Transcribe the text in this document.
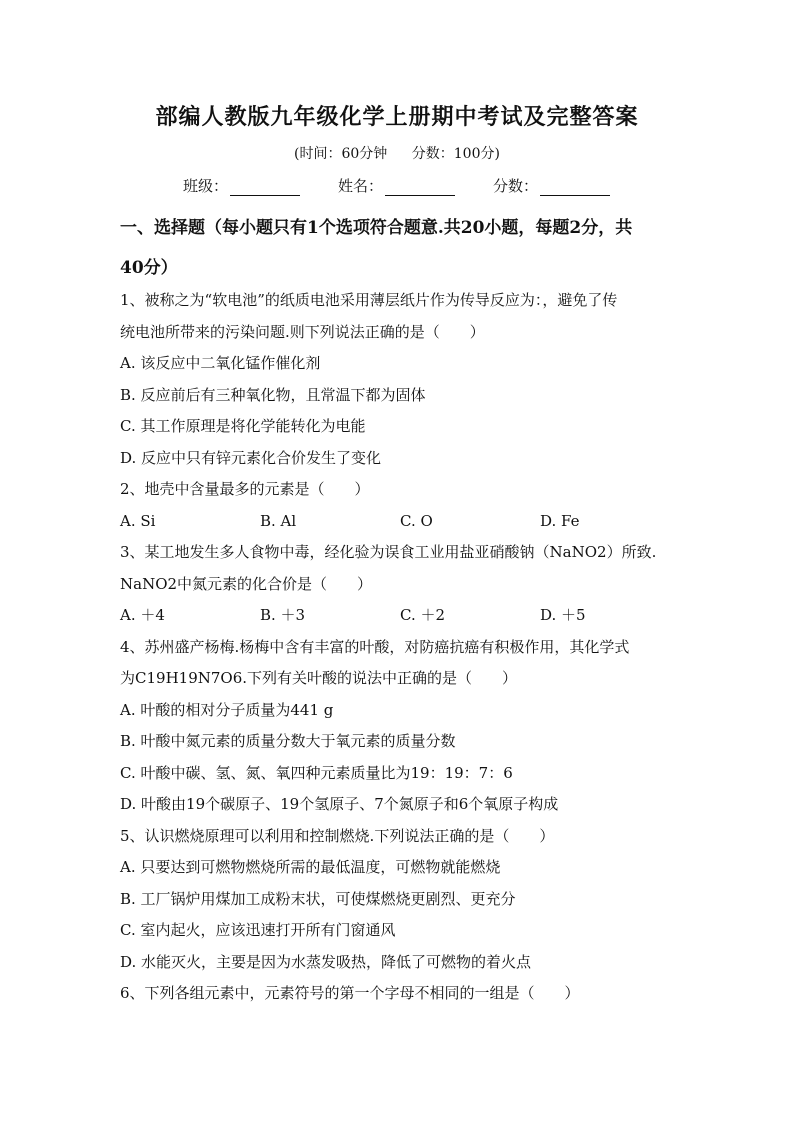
部编人教版九年级化学上册期中考试及完整答案
(时间：60分钟 分数：100分)
班级：	姓名：	分数：
一、选择题（每小题只有1个选项符合题意.共20小题，每题2分，共
40分）
1、被称之为“软电池”的纸质电池采用薄层纸片作为传导反应为：，避免了传
统电池所带来的污染问题.则下列说法正确的是（　　）
A. 该反应中二氧化锰作催化剂
B. 反应前后有三种氧化物，且常温下都为固体
C. 其工作原理是将化学能转化为电能
D. 反应中只有锌元素化合价发生了变化
2、地壳中含量最多的元素是（　　）
A. Si	B. Al	C. O	D. Fe
3、某工地发生多人食物中毒，经化验为误食工业用盐亚硝酸钠（NaNO2）所致.
NaNO2中氮元素的化合价是（　　）
A. ＋4	B. ＋3	C. ＋2	D. ＋5
4、苏州盛产杨梅.杨梅中含有丰富的叶酸，对防癌抗癌有积极作用，其化学式
为C19H19N7O6.下列有关叶酸的说法中正确的是（　　）
A. 叶酸的相对分子质量为441 g
B. 叶酸中氮元素的质量分数大于氧元素的质量分数
C. 叶酸中碳、氢、氮、氧四种元素质量比为19：19：7：6
D. 叶酸由19个碳原子、19个氢原子、7个氮原子和6个氧原子构成
5、认识燃烧原理可以利用和控制燃烧.下列说法正确的是（　　）
A. 只要达到可燃物燃烧所需的最低温度，可燃物就能燃烧
B. 工厂锅炉用煤加工成粉末状，可使煤燃烧更剧烈、更充分
C. 室内起火，应该迅速打开所有门窗通风
D. 水能灭火，主要是因为水蒸发吸热，降低了可燃物的着火点
6、下列各组元素中，元素符号的第一个字母不相同的一组是（　　）
